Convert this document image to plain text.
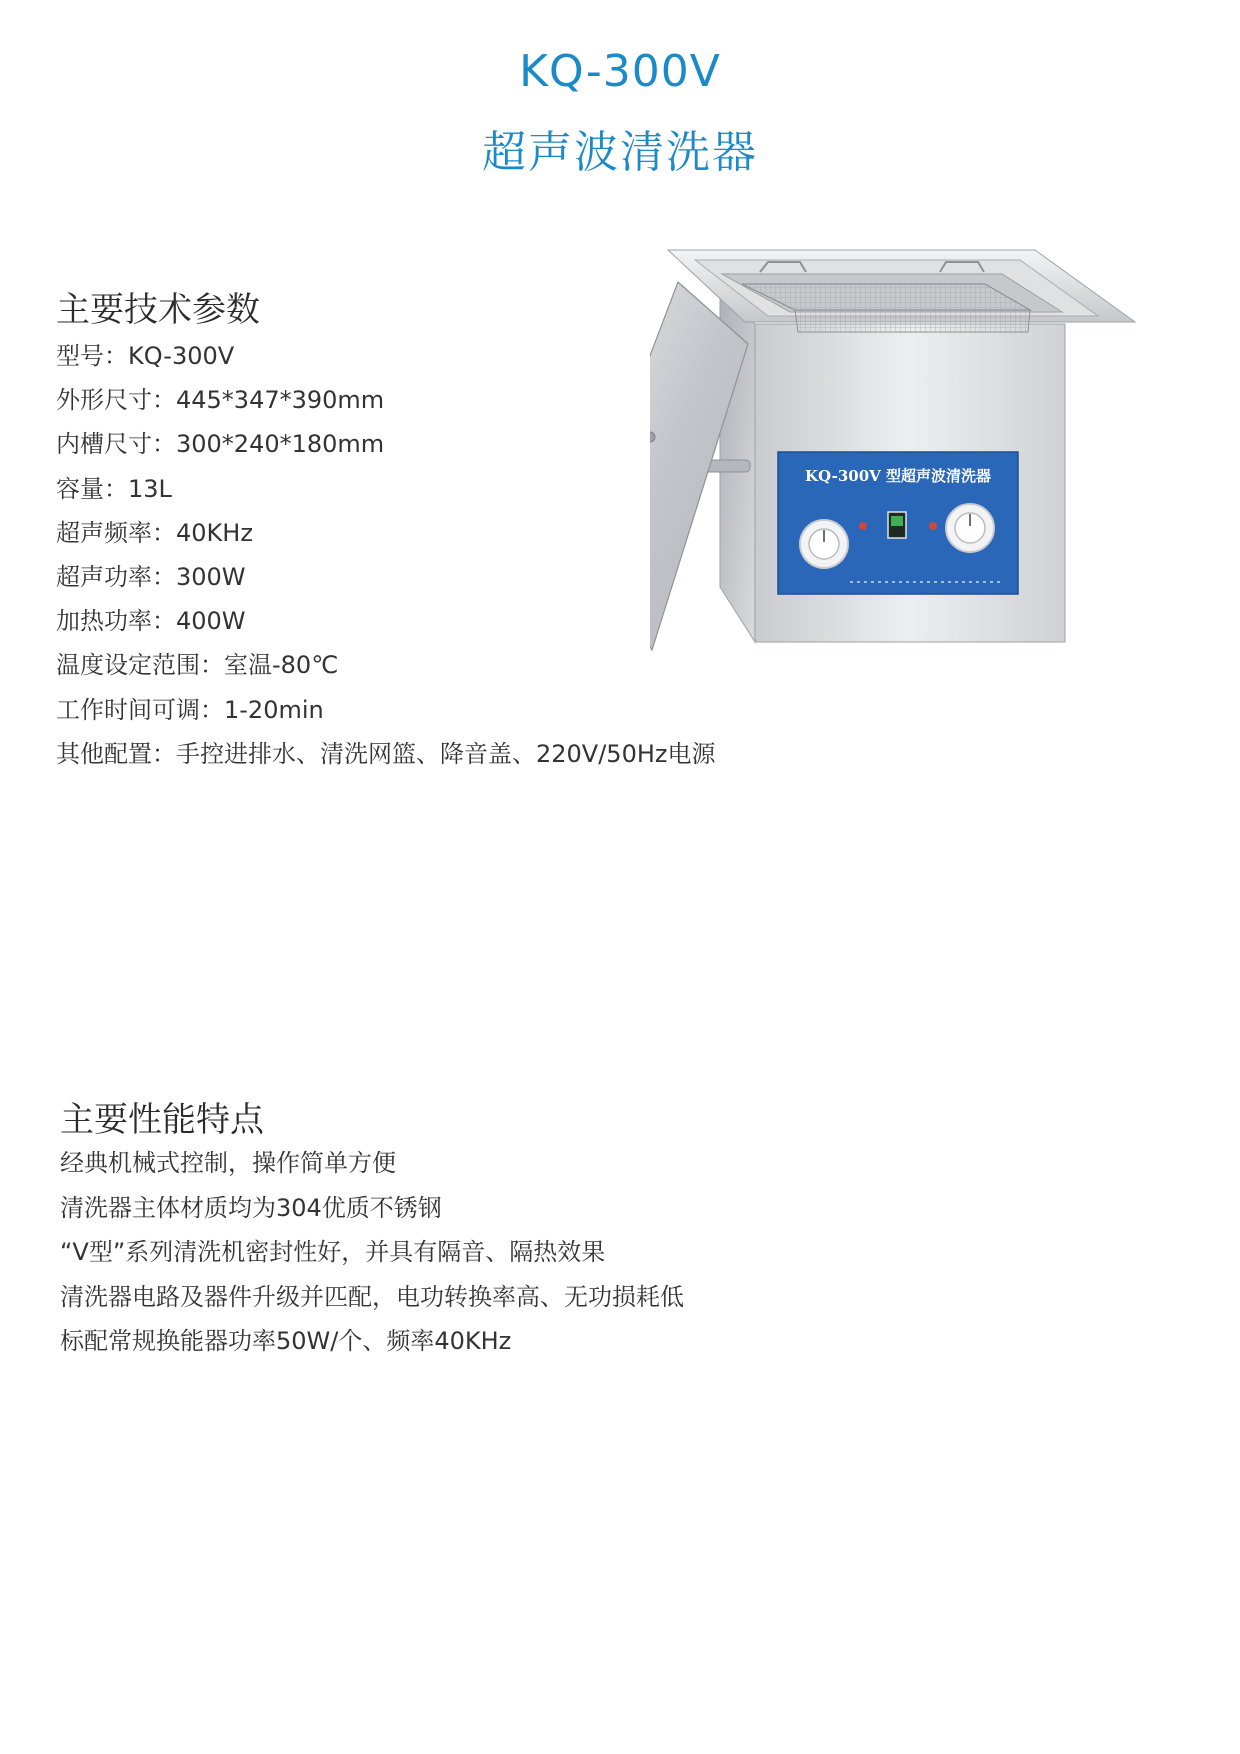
KQ-300V
超声波清洗器
主要技术参数
型号：KQ-300V
外形尺寸：445*347*390mm
内槽尺寸：300*240*180mm
容量：13L
超声频率：40KHz
超声功率：300W
加热功率：400W
温度设定范围：室温-80℃
工作时间可调：1-20min
其他配置：手控进排水、清洗网篮、降音盖、220V/50Hz电源
KQ-300V 型超声波清洗器
主要性能特点
经典机械式控制，操作简单方便
清洗器主体材质均为304优质不锈钢
“V型”系列清洗机密封性好，并具有隔音、隔热效果
清洗器电路及器件升级并匹配，电功转换率高、无功损耗低
标配常规换能器功率50W/个、频率40KHz
